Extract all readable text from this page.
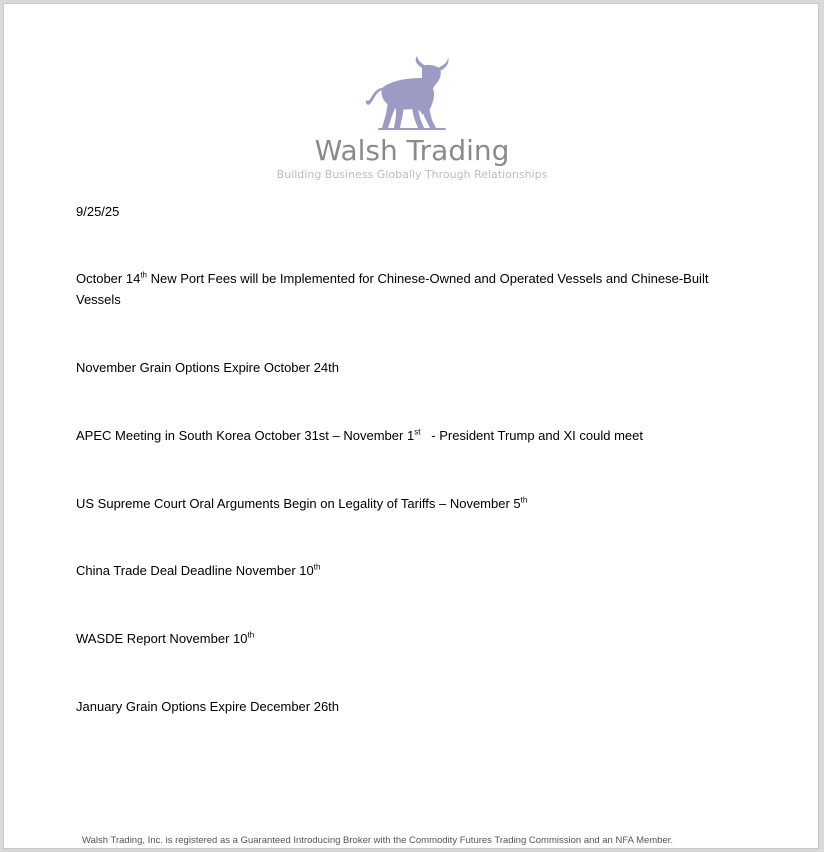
Walsh Trading
Building Business Globally Through Relationships
9/25/25
October 14th New Port Fees will be Implemented for Chinese-Owned and Operated Vessels and Chinese-Built Vessels
November Grain Options Expire October 24th
APEC Meeting in South Korea October 31st – November 1st   - President Trump and XI could meet
US Supreme Court Oral Arguments Begin on Legality of Tariffs – November 5th
China Trade Deal Deadline November 10th
WASDE Report November 10th
January Grain Options Expire December 26th
Walsh Trading, Inc. is registered as a Guaranteed Introducing Broker with the Commodity Futures Trading Commission and an NFA Member.
